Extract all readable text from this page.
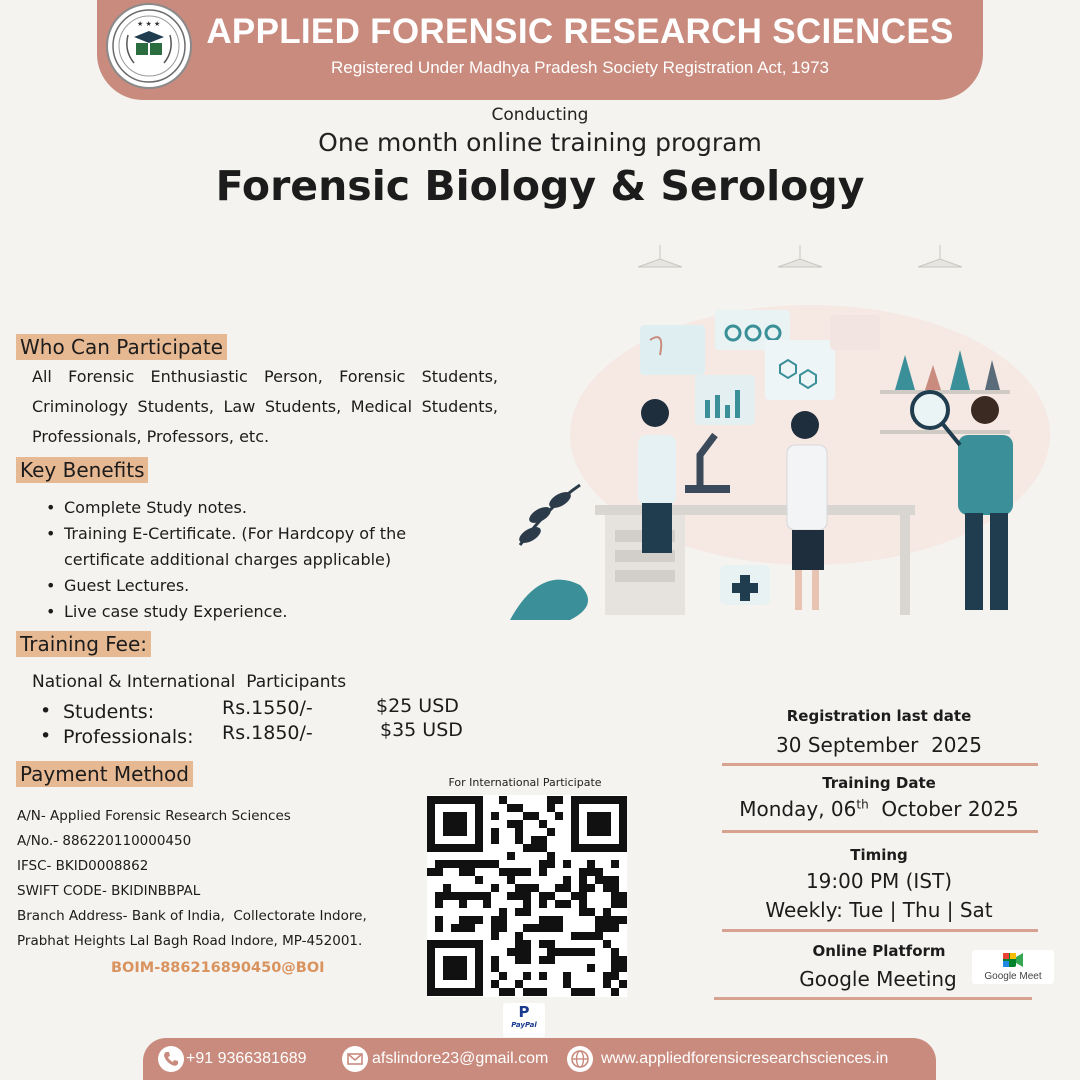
★ ★ ★ APPLIED FORENSIC RESEARCH SCIENCES
Registered Under Madhya Pradesh Society Registration Act, 1973
Conducting
One month online training program
Forensic Biology & Serology
Who Can Participate
All Forensic Enthusiastic Person, Forensic Students, Criminology Students, Law Students, Medical Students, Professionals, Professors, etc.
Key Benefits
• Complete Study notes.
• Training E-Certificate. (For Hardcopy of the certificate additional charges applicable)
• Guest Lectures.
• Live case study Experience.
Training Fee:
National & International  Participants
• Students:	Rs.1550/-	$25 USD
• Professionals: Rs.1850/-	$35 USD
Payment Method
A/N- Applied Forensic Research Sciences
A/No.- 886220110000450
IFSC- BKID0008862
SWIFT CODE- BKIDINBBPAL
Branch Address- Bank of India,  Collectorate Indore,
Prabhat Heights Lal Bagh Road Indore, MP-452001.
BOIM-886216890450@BOI
For International Participate
P
PayPal
Registration last date
30 September  2025
Training Date
Monday, 06th  October 2025
Timing
19:00 PM (IST)
Weekly: Tue | Thu | Sat
Online Platform
Google Meeting	Google Meet
+91 9366381689	afslindore23@gmail.com	www.appliedforensicresearchsciences.in
